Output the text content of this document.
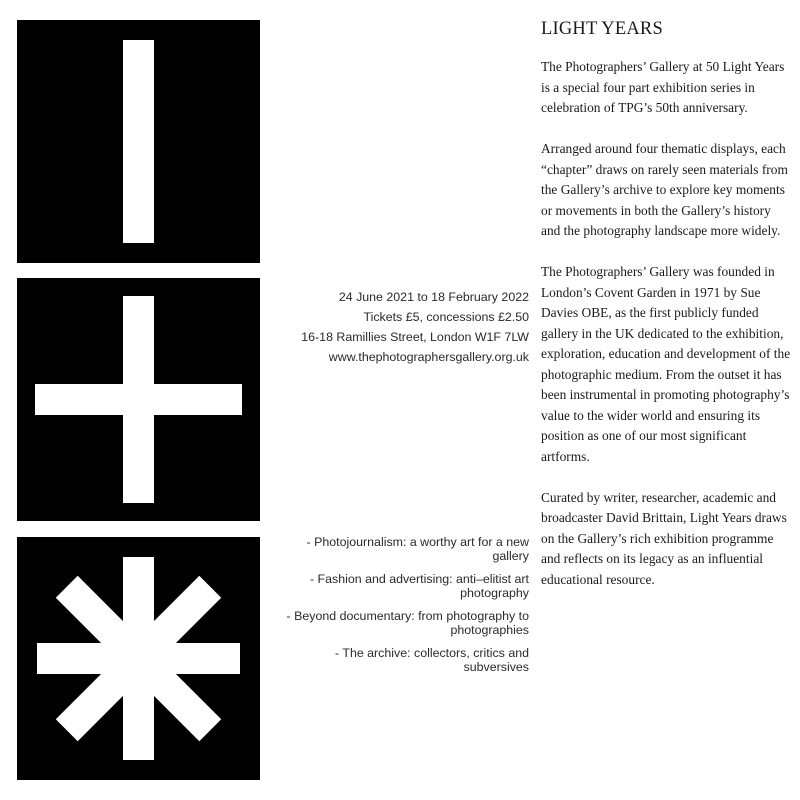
24 June 2021 to 18 February 2022
Tickets £5, concessions £2.50
16-18 Ramillies Street, London W1F 7LW
www.thephotographersgallery.org.uk
- Photojournalism: a worthy art for a new gallery
- Fashion and advertising: anti–elitist art photography
- Beyond documentary: from photography to photographies
- The archive: collectors, critics and subversives
LIGHT YEARS

The Photographers’ Gallery at 50 Light Years is a special four part exhibition series in celebration of TPG’s 50th anniversary.

Arranged around four thematic displays, each “chapter” draws on rarely seen materials from the Gallery’s archive to explore key moments or movements in both the Gallery’s history and the photography landscape more widely.

The Photographers’ Gallery was founded in London’s Covent Garden in 1971 by Sue Davies OBE, as the first publicly funded gallery in the UK dedicated to the exhibition, exploration, education and development of the photographic medium. From the outset it has been instrumental in promoting photography’s value to the wider world and ensuring its position as one of our most significant artforms.

Curated by writer, researcher, academic and broadcaster David Brittain, Light Years draws on the Gallery’s rich exhibition programme and reflects on its legacy as an influential educational resource.
